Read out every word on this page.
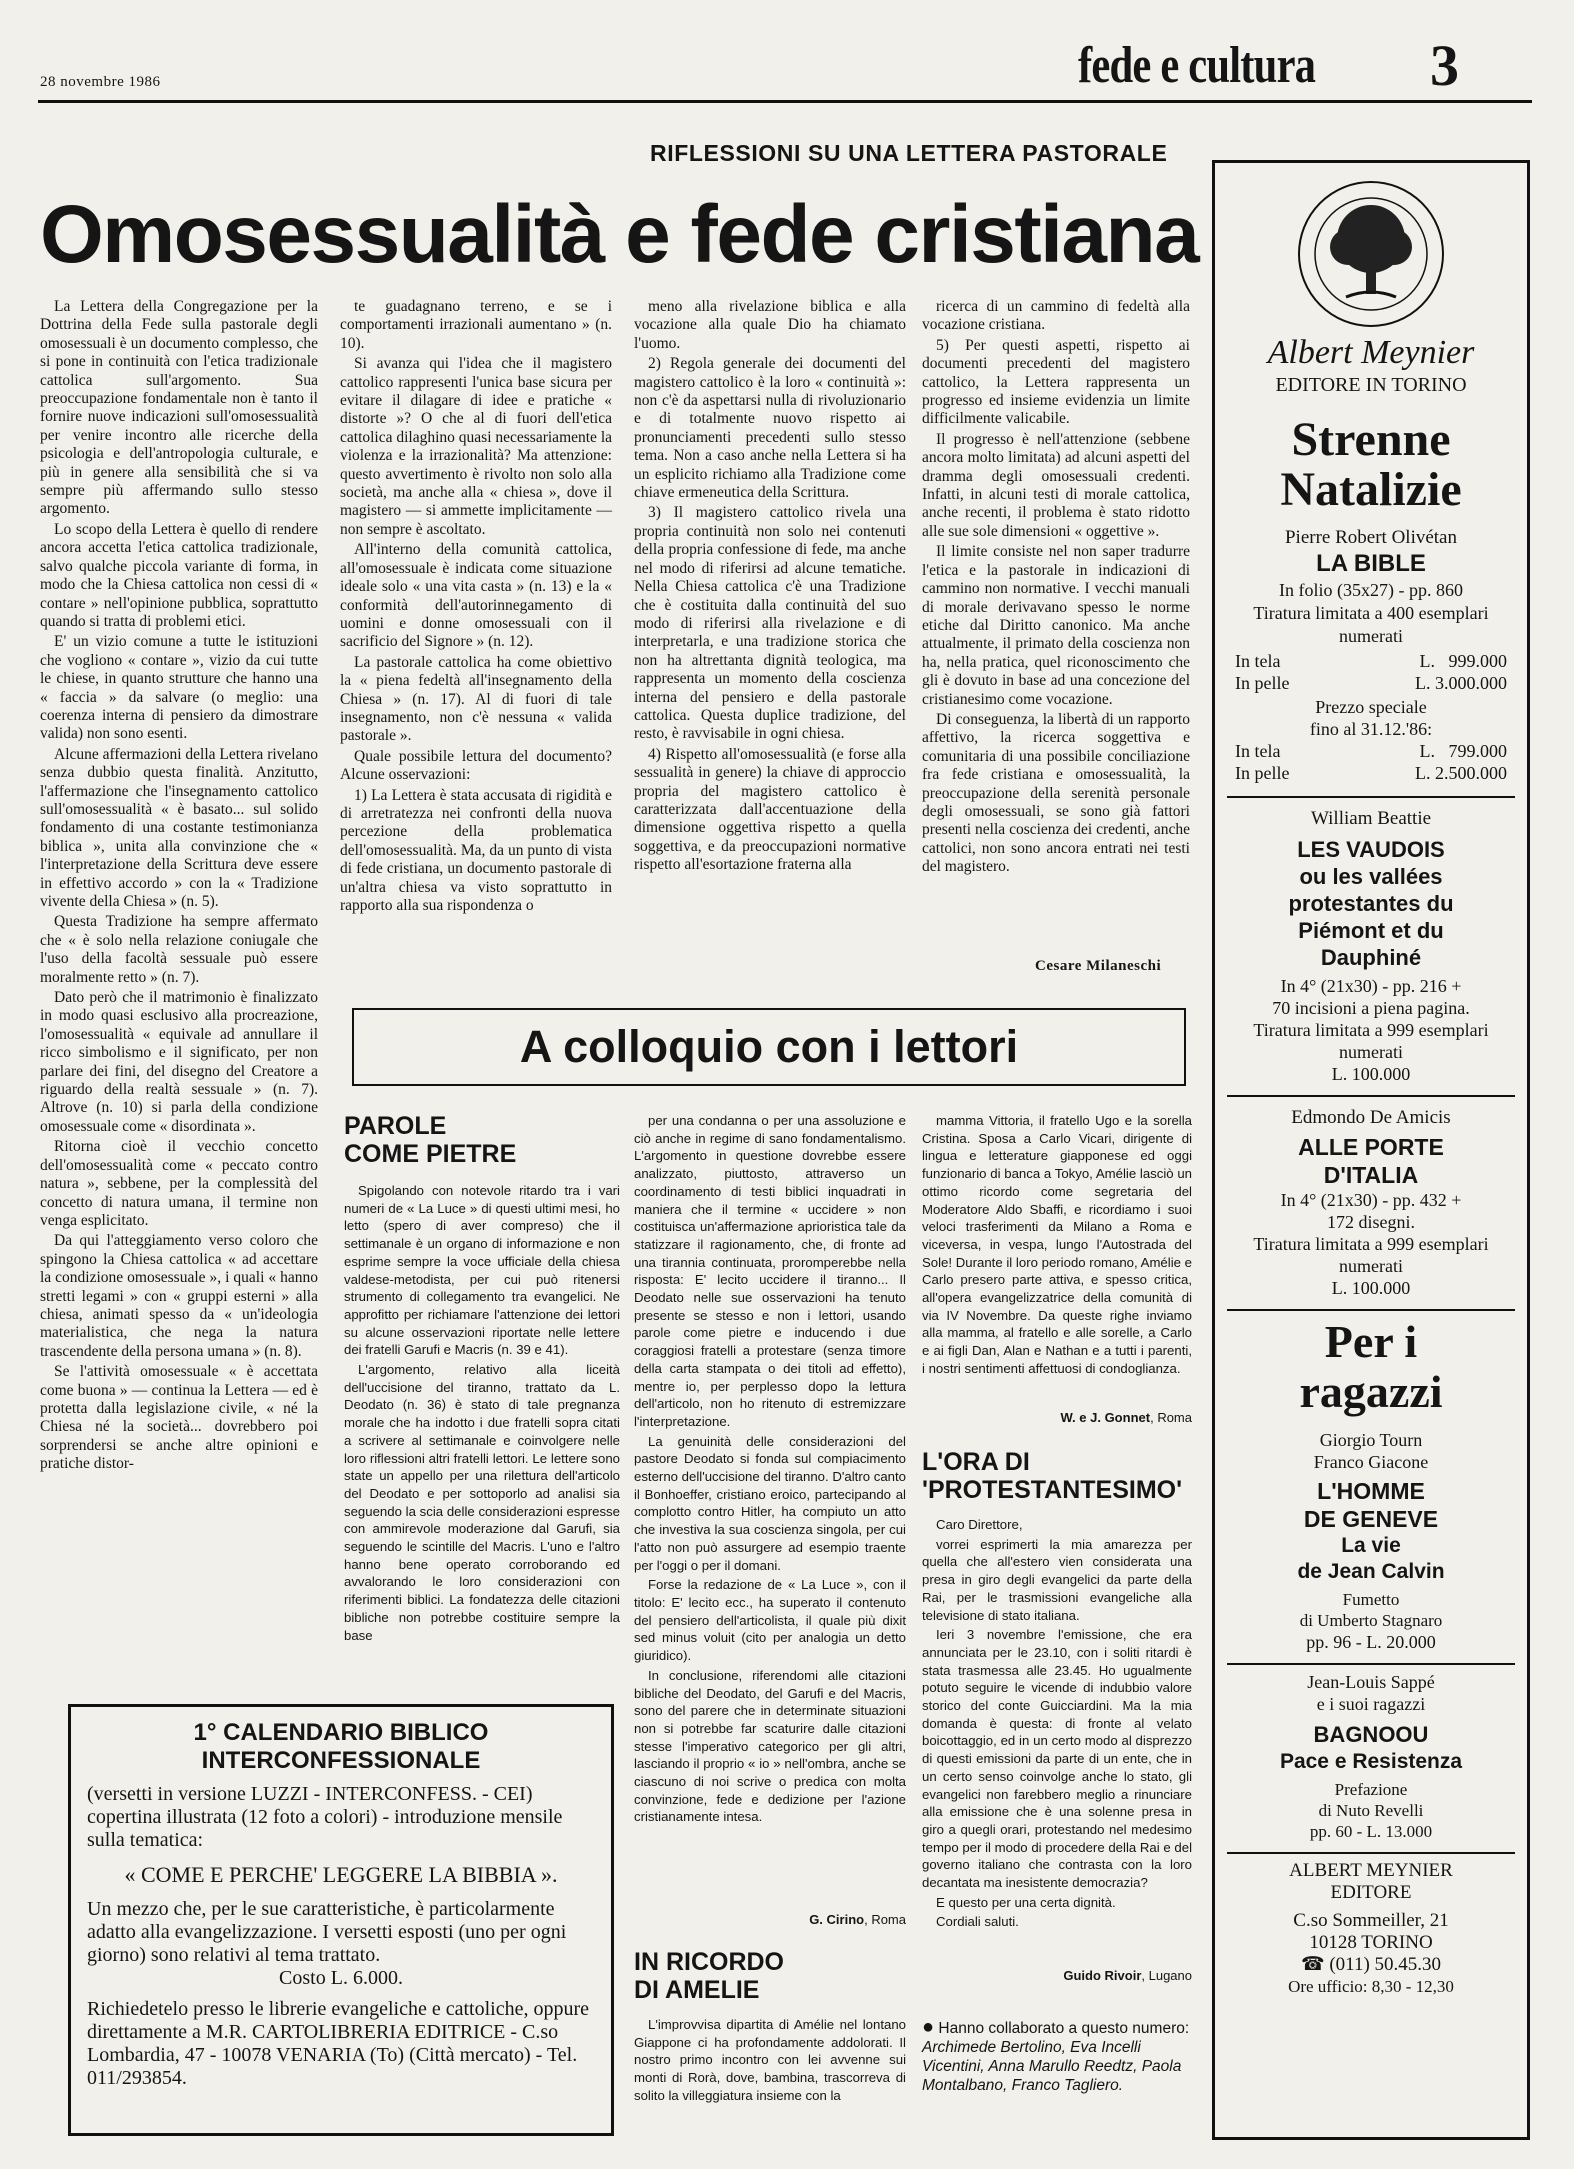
28 novembre 1986	fede e cultura 3
RIFLESSIONI SU UNA LETTERA PASTORALE
Omosessualità e fede cristiana

La Lettera della Congregazione per la Dottrina della Fede sulla pastorale degli omosessuali è un documento complesso, che si pone in continuità con l'etica tradizionale cattolica sull'argomento. Sua preoccupazione fondamentale non è tanto il fornire nuove indicazioni sull'omosessualità per venire incontro alle ricerche della psicologia e dell'antropologia culturale, e più in genere alla sensibilità che si va sempre più affermando sullo stesso argomento.

Lo scopo della Lettera è quello di rendere ancora accetta l'etica cattolica tradizionale, salvo qualche piccola variante di forma, in modo che la Chiesa cattolica non cessi di « contare » nell'opinione pubblica, soprattutto quando si tratta di problemi etici.

E' un vizio comune a tutte le istituzioni che vogliono « contare », vizio da cui tutte le chiese, in quanto strutture che hanno una « faccia » da salvare (o meglio: una coerenza interna di pensiero da dimostrare valida) non sono esenti.

Alcune affermazioni della Lettera rivelano senza dubbio questa finalità. Anzitutto, l'affermazione che l'insegnamento cattolico sull'omosessualità « è basato... sul solido fondamento di una costante testimonianza biblica », unita alla convinzione che « l'interpretazione della Scrittura deve essere in effettivo accordo » con la « Tradizione vivente della Chiesa » (n. 5).

Questa Tradizione ha sempre affermato che « è solo nella relazione coniugale che l'uso della facoltà sessuale può essere moralmente retto » (n. 7).

Dato però che il matrimonio è finalizzato in modo quasi esclusivo alla procreazione, l'omosessualità « equivale ad annullare il ricco simbolismo e il significato, per non parlare dei fini, del disegno del Creatore a riguardo della realtà sessuale » (n. 7). Altrove (n. 10) si parla della condizione omosessuale come « disordinata ».

Ritorna cioè il vecchio concetto dell'omosessualità come « peccato contro natura », sebbene, per la complessità del concetto di natura umana, il termine non venga esplicitato.

Da qui l'atteggiamento verso coloro che spingono la Chiesa cattolica « ad accettare la condizione omosessuale », i quali « hanno stretti legami » con « gruppi esterni » alla chiesa, animati spesso da « un'ideologia materialistica, che nega la natura trascendente della persona umana » (n. 8).

Se l'attività omosessuale « è accettata come buona » — continua la Lettera — ed è protetta dalla legislazione civile, « né la Chiesa né la società... dovrebbero poi sorprendersi se anche altre opinioni e pratiche distor-

te guadagnano terreno, e se i comportamenti irrazionali aumentano » (n. 10).

Si avanza qui l'idea che il magistero cattolico rappresenti l'unica base sicura per evitare il dilagare di idee e pratiche « distorte »? O che al di fuori dell'etica cattolica dilaghino quasi necessariamente la violenza e la irrazionalità? Ma attenzione: questo avvertimento è rivolto non solo alla società, ma anche alla « chiesa », dove il magistero — si ammette implicitamente — non sempre è ascoltato.

All'interno della comunità cattolica, all'omosessuale è indicata come situazione ideale solo « una vita casta » (n. 13) e la « conformità dell'autorinnegamento di uomini e donne omosessuali con il sacrificio del Signore » (n. 12).

La pastorale cattolica ha come obiettivo la « piena fedeltà all'insegnamento della Chiesa » (n. 17). Al di fuori di tale insegnamento, non c'è nessuna « valida pastorale ».

Quale possibile lettura del documento? Alcune osservazioni:

1) La Lettera è stata accusata di rigidità e di arretratezza nei confronti della nuova percezione della problematica dell'omosessualità. Ma, da un punto di vista di fede cristiana, un documento pastorale di un'altra chiesa va visto soprattutto in rapporto alla sua rispondenza o

meno alla rivelazione biblica e alla vocazione alla quale Dio ha chiamato l'uomo.

2) Regola generale dei documenti del magistero cattolico è la loro « continuità »: non c'è da aspettarsi nulla di rivoluzionario e di totalmente nuovo rispetto ai pronunciamenti precedenti sullo stesso tema. Non a caso anche nella Lettera si ha un esplicito richiamo alla Tradizione come chiave ermeneutica della Scrittura.

3) Il magistero cattolico rivela una propria continuità non solo nei contenuti della propria confessione di fede, ma anche nel modo di riferirsi ad alcune tematiche. Nella Chiesa cattolica c'è una Tradizione che è costituita dalla continuità del suo modo di riferirsi alla rivelazione e di interpretarla, e una tradizione storica che non ha altrettanta dignità teologica, ma rappresenta un momento della coscienza interna del pensiero e della pastorale cattolica. Questa duplice tradizione, del resto, è ravvisabile in ogni chiesa.

4) Rispetto all'omosessualità (e forse alla sessualità in genere) la chiave di approccio propria del magistero cattolico è caratterizzata dall'accentuazione della dimensione oggettiva rispetto a quella soggettiva, e da preoccupazioni normative rispetto all'esortazione fraterna alla

ricerca di un cammino di fedeltà alla vocazione cristiana.

5) Per questi aspetti, rispetto ai documenti precedenti del magistero cattolico, la Lettera rappresenta un progresso ed insieme evidenzia un limite difficilmente valicabile.

Il progresso è nell'attenzione (sebbene ancora molto limitata) ad alcuni aspetti del dramma degli omosessuali credenti. Infatti, in alcuni testi di morale cattolica, anche recenti, il problema è stato ridotto alle sue sole dimensioni « oggettive ».

Il limite consiste nel non saper tradurre l'etica e la pastorale in indicazioni di cammino non normative. I vecchi manuali di morale derivavano spesso le norme etiche dal Diritto canonico. Ma anche attualmente, il primato della coscienza non ha, nella pratica, quel riconoscimento che gli è dovuto in base ad una concezione del cristianesimo come vocazione.

Di conseguenza, la libertà di un rapporto affettivo, la ricerca soggettiva e comunitaria di una possibile conciliazione fra fede cristiana e omosessualità, la preoccupazione della serenità personale degli omosessuali, se sono già fattori presenti nella coscienza dei credenti, anche cattolici, non sono ancora entrati nei testi del magistero.

Cesare Milaneschi
A colloquio con i lettori
PAROLE
COME PIETRE

Spigolando con notevole ritardo tra i vari numeri de « La Luce » di questi ultimi mesi, ho letto (spero di aver compreso) che il settimanale è un organo di informazione e non esprime sempre la voce ufficiale della chiesa valdese-metodista, per cui può ritenersi strumento di collegamento tra evangelici. Ne approfitto per richiamare l'attenzione dei lettori su alcune osservazioni riportate nelle lettere dei fratelli Garufi e Macris (n. 39 e 41).

L'argomento, relativo alla liceità dell'uccisione del tiranno, trattato da L. Deodato (n. 36) è stato di tale pregnanza morale che ha indotto i due fratelli sopra citati a scrivere al settimanale e coinvolgere nelle loro riflessioni altri fratelli lettori. Le lettere sono state un appello per una rilettura dell'articolo del Deodato e per sottoporlo ad analisi sia seguendo la scia delle considerazioni espresse con ammirevole moderazione dal Garufi, sia seguendo le scintille del Macris. L'uno e l'altro hanno bene operato corroborando ed avvalorando le loro considerazioni con riferimenti biblici. La fondatezza delle citazioni bibliche non potrebbe costituire sempre la base

per una condanna o per una assoluzione e ciò anche in regime di sano fondamentalismo. L'argomento in questione dovrebbe essere analizzato, piuttosto, attraverso un coordinamento di testi biblici inquadrati in maniera che il termine « uccidere » non costituisca un'affermazione aprioristica tale da statizzare il ragionamento, che, di fronte ad una tirannia continuata, proromperebbe nella risposta: E' lecito uccidere il tiranno... Il Deodato nelle sue osservazioni ha tenuto presente se stesso e non i lettori, usando parole come pietre e inducendo i due coraggiosi fratelli a protestare (senza timore della carta stampata o dei titoli ad effetto), mentre io, per perplesso dopo la lettura dell'articolo, non ho ritenuto di estremizzare l'interpretazione.

La genuinità delle considerazioni del pastore Deodato si fonda sul compiacimento esterno dell'uccisione del tiranno. D'altro canto il Bonhoeffer, cristiano eroico, partecipando al complotto contro Hitler, ha compiuto un atto che investiva la sua coscienza singola, per cui l'atto non può assurgere ad esempio traente per l'oggi o per il domani.

Forse la redazione de « La Luce », con il titolo: E' lecito ecc., ha superato il contenuto del pensiero dell'articolista, il quale più dixit sed minus voluit (cito per analogia un detto giuridico).

In conclusione, riferendomi alle citazioni bibliche del Deodato, del Garufi e del Macris, sono del parere che in determinate situazioni non si potrebbe far scaturire dalle citazioni stesse l'imperativo categorico per gli altri, lasciando il proprio « io » nell'ombra, anche se ciascuno di noi scrive o predica con molta convinzione, fede e dedizione per l'azione cristianamente intesa.

G. Cirino, Roma
IN RICORDO
DI AMELIE

L'improvvisa dipartita di Amélie nel lontano Giappone ci ha profondamente addolorati. Il nostro primo incontro con lei avvenne sui monti di Rorà, dove, bambina, trascorreva di solito la villeggiatura insieme con la

mamma Vittoria, il fratello Ugo e la sorella Cristina. Sposa a Carlo Vicari, dirigente di lingua e letterature giapponese ed oggi funzionario di banca a Tokyo, Amélie lasciò un ottimo ricordo come segretaria del Moderatore Aldo Sbaffi, e ricordiamo i suoi veloci trasferimenti da Milano a Roma e viceversa, in vespa, lungo l'Autostrada del Sole! Durante il loro periodo romano, Amélie e Carlo presero parte attiva, e spesso critica, all'opera evangelizzatrice della comunità di via IV Novembre. Da queste righe inviamo alla mamma, al fratello e alle sorelle, a Carlo e ai figli Dan, Alan e Nathan e a tutti i parenti, i nostri sentimenti affettuosi di condoglianza.

W. e J. Gonnet, Roma
L'ORA DI
'PROTESTANTESIMO'

Caro Direttore,

vorrei esprimerti la mia amarezza per quella che all'estero vien considerata una presa in giro degli evangelici da parte della Rai, per le trasmissioni evangeliche alla televisione di stato italiana.

Ieri 3 novembre l'emissione, che era annunciata per le 23.10, con i soliti ritardi è stata trasmessa alle 23.45. Ho ugualmente potuto seguire le vicende di indubbio valore storico del conte Guicciardini. Ma la mia domanda è questa: di fronte al velato boicottaggio, ed in un certo modo al disprezzo di questi emissioni da parte di un ente, che in un certo senso coinvolge anche lo stato, gli evangelici non farebbero meglio a rinunciare alla emissione che è una solenne presa in giro a quegli orari, protestando nel medesimo tempo per il modo di procedere della Rai e del governo italiano che contrasta con la loro decantata ma inesistente democrazia?

E questo per una certa dignità.

Cordiali saluti.

Guido Rivoir, Lugano
● Hanno collaborato a questo numero: Archimede Bertolino, Eva Incelli Vicentini, Anna Marullo Reedtz, Paola Montalbano, Franco Tagliero.
1° CALENDARIO BIBLICO
INTERCONFESSIONALE
(versetti in versione LUZZI - INTERCONFESS. - CEI) copertina illustrata (12 foto a colori) - introduzione mensile sulla tematica:
« COME E PERCHE' LEGGERE LA BIBBIA ».
Un mezzo che, per le sue caratteristiche, è particolarmente adatto alla evangelizzazione. I versetti esposti (uno per ogni giorno) sono relativi al tema trattato.
Costo L. 6.000.
Richiedetelo presso le librerie evangeliche e cattoliche, oppure direttamente a M.R. CARTOLIBRERIA EDITRICE - C.so Lombardia, 47 - 10078 VENARIA (To) (Città mercato) - Tel. 011/293854.
Albert Meynier
EDITORE IN TORINO
Strenne
Natalizie
Pierre Robert Olivétan
LA BIBLE
In folio (35x27) - pp. 860
Tiratura limitata a 400 esemplari numerati
In tela	L.   999.000
In pelle	L. 3.000.000
Prezzo speciale
fino al 31.12.'86:
In tela	L.   799.000
In pelle	L. 2.500.000
William Beattie
LES VAUDOIS
ou les vallées
protestantes du
Piémont et du
Dauphiné
In 4° (21x30) - pp. 216 +
70 incisioni a piena pagina.
Tiratura limitata a 999 esemplari numerati
L. 100.000
Edmondo De Amicis
ALLE PORTE
D'ITALIA
In 4° (21x30) - pp. 432 +
172 disegni.
Tiratura limitata a 999 esemplari numerati
L. 100.000
Per i
ragazzi
Giorgio Tourn
Franco Giacone
L'HOMME
DE GENEVE
La vie
de Jean Calvin
Fumetto
di Umberto Stagnaro
pp. 96 - L. 20.000
Jean-Louis Sappé
e i suoi ragazzi
BAGNOOU
Pace e Resistenza
Prefazione
di Nuto Revelli
pp. 60 - L. 13.000
ALBERT MEYNIER
EDITORE
C.so Sommeiller, 21
10128 TORINO
☎ (011) 50.45.30
Ore ufficio: 8,30 - 12,30
